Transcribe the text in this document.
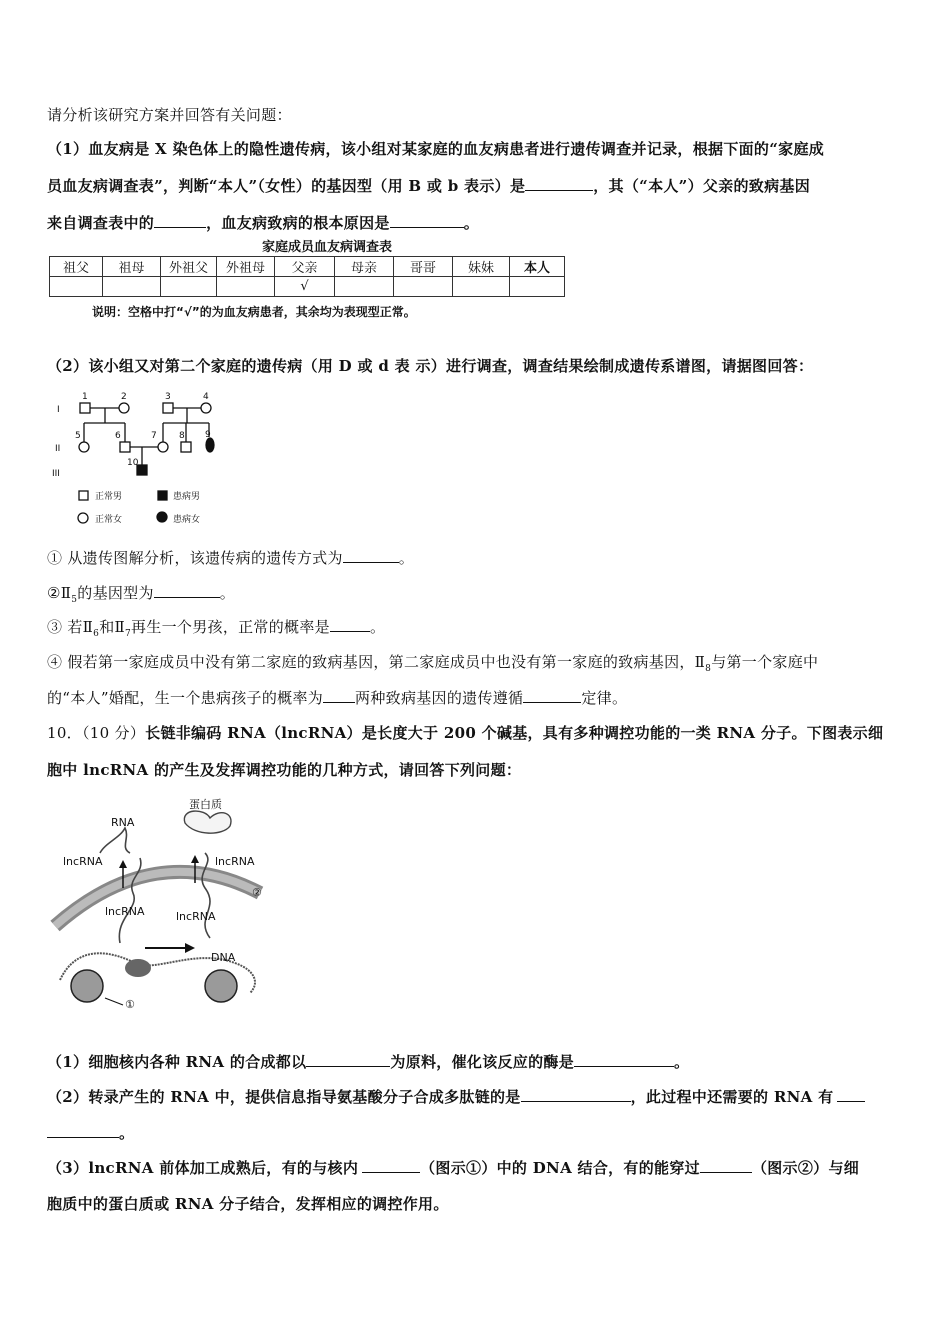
请分析该研究方案并回答有关问题：
（1）血友病是 X 染色体上的隐性遗传病，该小组对某家庭的血友病患者进行遗传调查并记录，根据下面的“家庭成
员血友病调查表”，判断“本人”（女性）的基因型（用 B 或 b 表示）是	，其（“本人”）父亲的致病基因
来自调查表中的	，血友病致病的根本原因是	。
家庭成员血友病调查表
祖父	祖母	外祖父	外祖母	父亲	母亲	哥哥	妹妹	本人
				√				
说明：空格中打“√”的为血友病患者，其余均为表现型正常。
（2）该小组又对第二个家庭的遗传病（用 D 或 d 表 示）进行调查，调查结果绘制成遗传系谱图，请据图回答：
I
II
III
1	2	3	4
5	6	7 8 9
10
正常男	患病男
正常女	患病女
① 从遗传图解分析，该遗传病的遗传方式为	。
$②Ⅱ_5$的基因型为	。
③ 若$Ⅱ_6$和$Ⅱ_7$再生一个男孩，正常的概率是	。
④ 假若第一家庭成员中没有第二家庭的致病基因，第二家庭成员中也没有第一家庭的致病基因，$Ⅱ_8$与第一个家庭中
的“本人”婚配，生一个患病孩子的概率为 两种致病基因的遗传遵循	定律。
10．（10 分）长链非编码 RNA（lncRNA）是长度大于 200 个碱基，具有多种调控功能的一类 RNA 分子。下图表示细
胞中 lncRNA 的产生及发挥调控功能的几种方式，请回答下列问题：
RNA
蛋白质
lncRNA	lncRNA
lncRNA	lncRNA
DNA
①
②
（1）细胞核内各种 RNA 的合成都以	为原料，催化该反应的酶是	。
（2）转录产生的 RNA 中，提供信息指导氨基酸分子合成多肽链的是	，此过程中还需要的 RNA 有
。
（3）lncRNA 前体加工成熟后，有的与核内	（图示①）中的 DNA 结合，有的能穿过	（图示②）与细
胞质中的蛋白质或 RNA 分子结合，发挥相应的调控作用。
